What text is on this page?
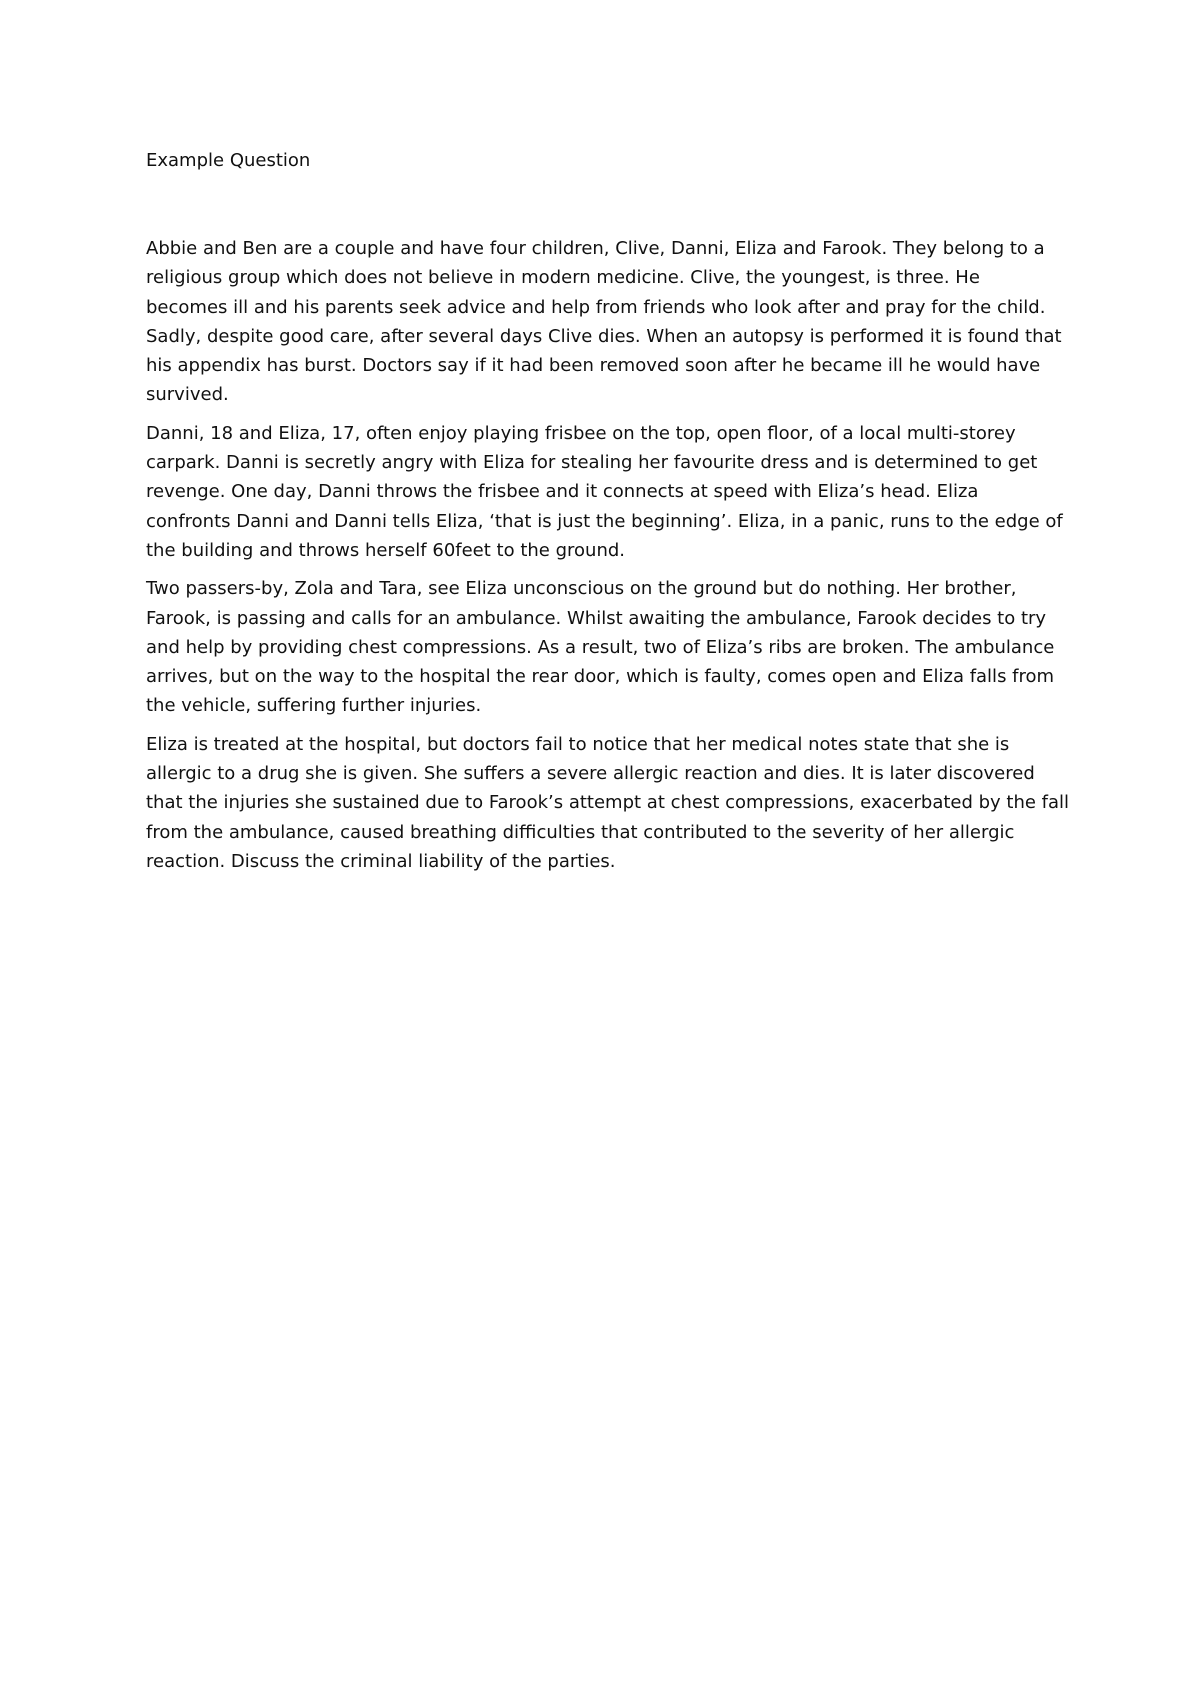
Example Question

Abbie and Ben are a couple and have four children, Clive, Danni, Eliza and Farook. They belong to a
religious group which does not believe in modern medicine. Clive, the youngest, is three. He
becomes ill and his parents seek advice and help from friends who look after and pray for the child.
Sadly, despite good care, after several days Clive dies. When an autopsy is performed it is found that
his appendix has burst. Doctors say if it had been removed soon after he became ill he would have
survived.

Danni, 18 and Eliza, 17, often enjoy playing frisbee on the top, open floor, of a local multi-storey
carpark. Danni is secretly angry with Eliza for stealing her favourite dress and is determined to get
revenge. One day, Danni throws the frisbee and it connects at speed with Eliza’s head. Eliza
confronts Danni and Danni tells Eliza, ‘that is just the beginning’. Eliza, in a panic, runs to the edge of
the building and throws herself 60feet to the ground.

Two passers-by, Zola and Tara, see Eliza unconscious on the ground but do nothing. Her brother,
Farook, is passing and calls for an ambulance. Whilst awaiting the ambulance, Farook decides to try
and help by providing chest compressions. As a result, two of Eliza’s ribs are broken. The ambulance
arrives, but on the way to the hospital the rear door, which is faulty, comes open and Eliza falls from
the vehicle, suffering further injuries.

Eliza is treated at the hospital, but doctors fail to notice that her medical notes state that she is
allergic to a drug she is given. She suffers a severe allergic reaction and dies. It is later discovered
that the injuries she sustained due to Farook’s attempt at chest compressions, exacerbated by the fall
from the ambulance, caused breathing difficulties that contributed to the severity of her allergic
reaction. Discuss the criminal liability of the parties.
